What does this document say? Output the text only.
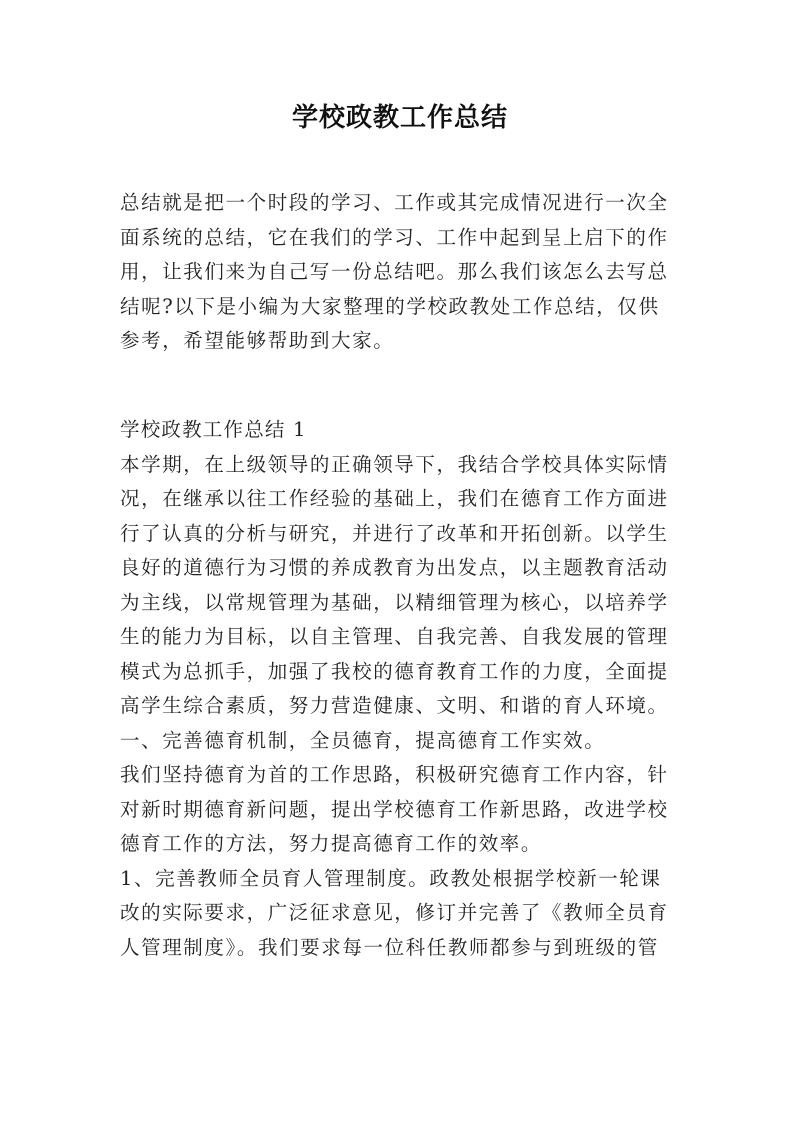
学校政教工作总结
总结就是把一个时段的学习、工作或其完成情况进行一次全
面系统的总结，它在我们的学习、工作中起到呈上启下的作
用，让我们来为自己写一份总结吧。那么我们该怎么去写总
结呢?以下是小编为大家整理的学校政教处工作总结，仅供
参考，希望能够帮助到大家。
学校政教工作总结 1
本学期，在上级领导的正确领导下，我结合学校具体实际情
况，在继承以往工作经验的基础上，我们在德育工作方面进
行了认真的分析与研究，并进行了改革和开拓创新。以学生
良好的道德行为习惯的养成教育为出发点，以主题教育活动
为主线，以常规管理为基础，以精细管理为核心，以培养学
生的能力为目标，以自主管理、自我完善、自我发展的管理
模式为总抓手，加强了我校的德育教育工作的力度，全面提
高学生综合素质，努力营造健康、文明、和谐的育人环境。
一、完善德育机制，全员德育，提高德育工作实效。
我们坚持德育为首的工作思路，积极研究德育工作内容，针
对新时期德育新问题，提出学校德育工作新思路，改进学校
德育工作的方法，努力提高德育工作的效率。
1、完善教师全员育人管理制度。政教处根据学校新一轮课
改的实际要求，广泛征求意见，修订并完善了《教师全员育
人管理制度》。我们要求每一位科任教师都参与到班级的管
